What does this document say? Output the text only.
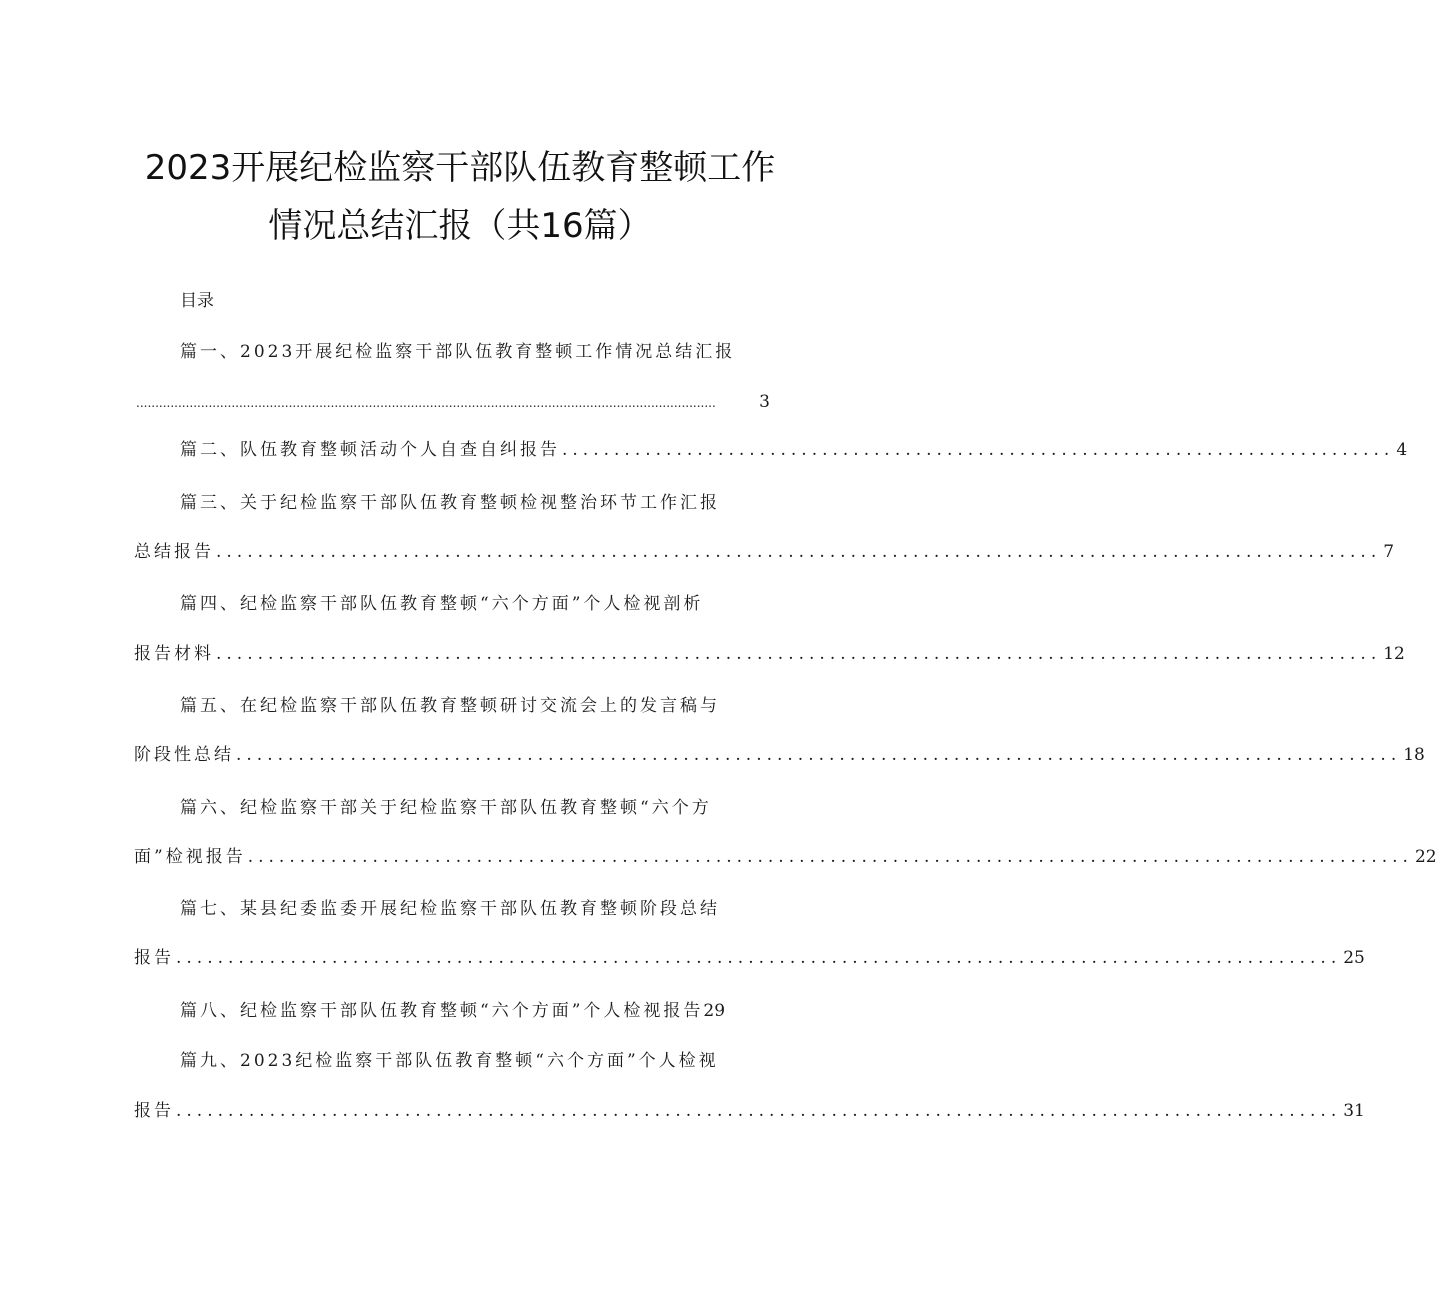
2023开展纪检监察干部队伍教育整顿工作
情况总结汇报（共16篇）
目录
篇一、2023开展纪检监察干部队伍教育整顿工作情况总结汇报
........................................................................................................................................................	3
篇二、队伍教育整顿活动个人自查自纠报告 ................................................................................ 4
篇三、关于纪检监察干部队伍教育整顿检视整治环节工作汇报
总结报告 ................................................................................................................ 7
篇四、纪检监察干部队伍教育整顿“六个方面”个人检视剖析
报告材料 ................................................................................................................ 12
篇五、在纪检监察干部队伍教育整顿研讨交流会上的发言稿与
阶段性总结 ................................................................................................................ 18
篇六、纪检监察干部关于纪检监察干部队伍教育整顿“六个方
面”检视报告 ................................................................................................................ 22
篇七、某县纪委监委开展纪检监察干部队伍教育整顿阶段总结
报告 ................................................................................................................ 25
篇八、纪检监察干部队伍教育整顿“六个方面”个人检视报告29
篇九、2023纪检监察干部队伍教育整顿“六个方面”个人检视
报告 ................................................................................................................ 31
